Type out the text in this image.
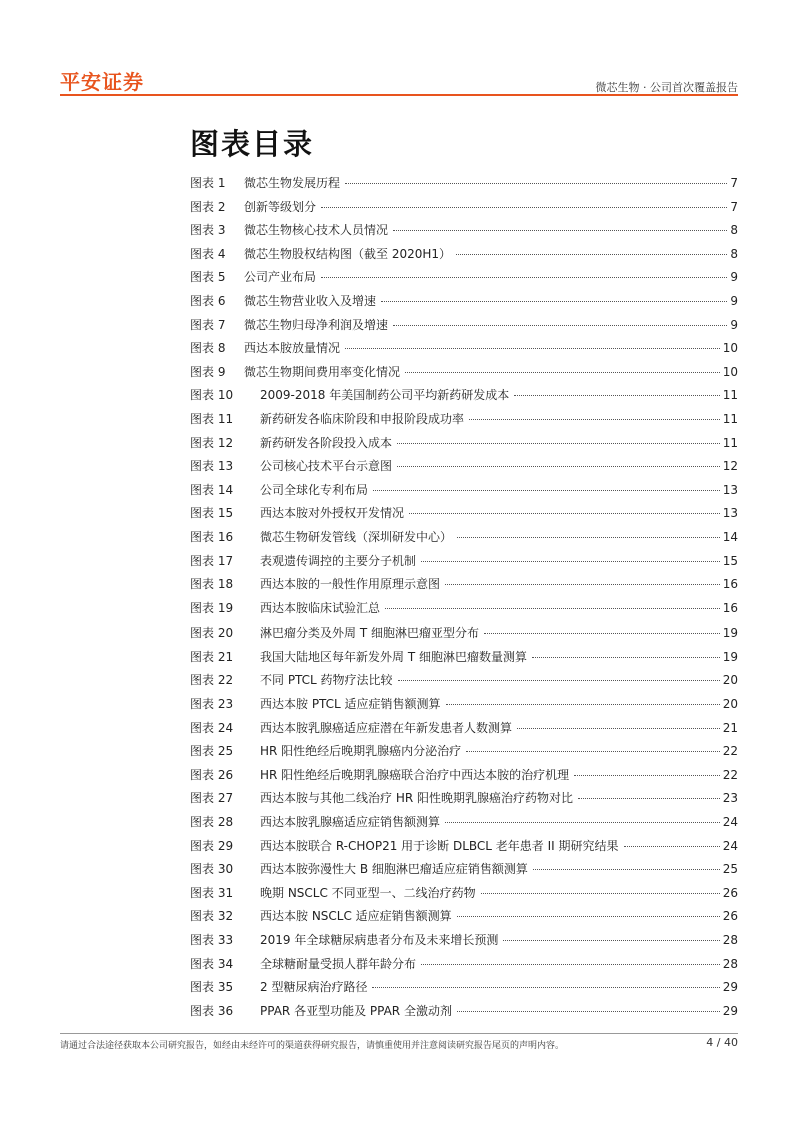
平安证券	微芯生物 · 公司首次覆盖报告
图表目录
图表 1	微芯生物发展历程	7
图表 2	创新等级划分	7
图表 3	微芯生物核心技术人员情况	8
图表 4	微芯生物股权结构图（截至 2020H1）	8
图表 5	公司产业布局	9
图表 6	微芯生物营业收入及增速	9
图表 7	微芯生物归母净利润及增速	9
图表 8	西达本胺放量情况	10
图表 9	微芯生物期间费用率变化情况	10
图表 10	2009-2018 年美国制药公司平均新药研发成本	11
图表 11	新药研发各临床阶段和申报阶段成功率	11
图表 12	新药研发各阶段投入成本	11
图表 13	公司核心技术平台示意图	12
图表 14	公司全球化专利布局	13
图表 15	西达本胺对外授权开发情况	13
图表 16	微芯生物研发管线（深圳研发中心）	14
图表 17	表观遗传调控的主要分子机制	15
图表 18	西达本胺的一般性作用原理示意图	16
图表 19	西达本胺临床试验汇总	16
图表 20	淋巴瘤分类及外周 T 细胞淋巴瘤亚型分布	19
图表 21	我国大陆地区每年新发外周 T 细胞淋巴瘤数量测算	19
图表 22	不同 PTCL 药物疗法比较	20
图表 23	西达本胺 PTCL 适应症销售额测算	20
图表 24	西达本胺乳腺癌适应症潜在年新发患者人数测算	21
图表 25	HR 阳性绝经后晚期乳腺癌内分泌治疗	22
图表 26	HR 阳性绝经后晚期乳腺癌联合治疗中西达本胺的治疗机理	22
图表 27	西达本胺与其他二线治疗 HR 阳性晚期乳腺癌治疗药物对比	23
图表 28	西达本胺乳腺癌适应症销售额测算	24
图表 29	西达本胺联合 R-CHOP21 用于诊断 DLBCL 老年患者 II 期研究结果	24
图表 30	西达本胺弥漫性大 B 细胞淋巴瘤适应症销售额测算	25
图表 31	晚期 NSCLC 不同亚型一、二线治疗药物	26
图表 32	西达本胺 NSCLC 适应症销售额测算	26
图表 33	2019 年全球糖尿病患者分布及未来增长预测	28
图表 34	全球糖耐量受损人群年龄分布	28
图表 35	2 型糖尿病治疗路径	29
图表 36	PPAR 各亚型功能及 PPAR 全激动剂	29
请通过合法途径获取本公司研究报告，如经由未经许可的渠道获得研究报告，请慎重使用并注意阅读研究报告尾页的声明内容。	4 / 40
